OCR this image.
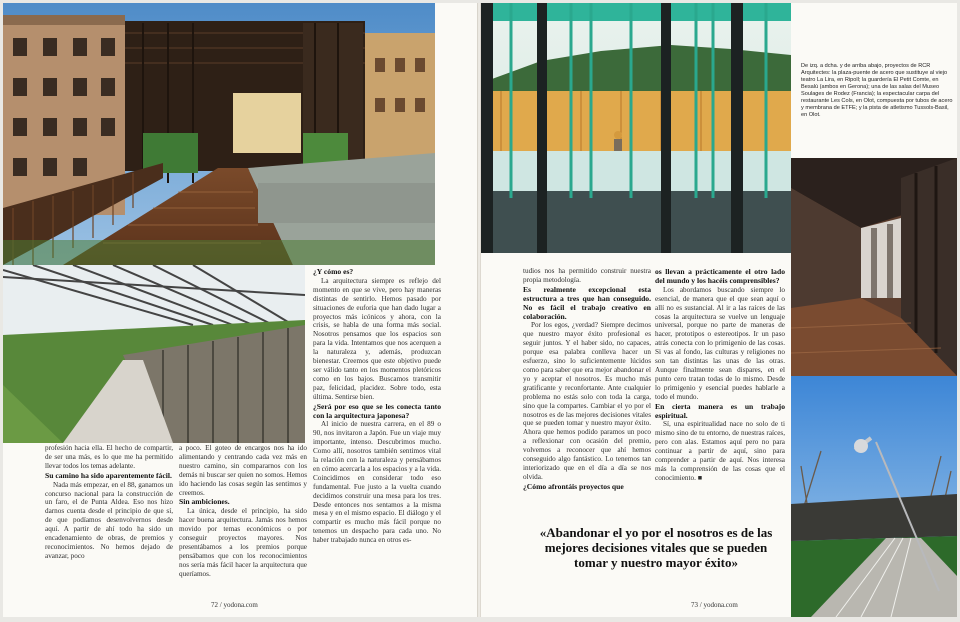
profesión hacia ella. El hecho de compartir, de ser una más, es lo que me ha permitido llevar todos los temas adelante.

Su camino ha sido aparentemente fácil.

Nada más empezar, en el 88, ganamos un concurso nacional para la construcción de un faro, el de Punta Aldea. Eso nos hizo darnos cuenta desde el principio de que sí, de que podíamos desenvolvernos desde aquí. A partir de ahí todo ha sido un encadenamiento de obras, de premios y reconocimientos. No hemos dejado de avanzar, poco

a poco. El goteo de encargos nos ha ido alimentando y centrando cada vez más en nuestro camino, sin compararnos con los demás ni buscar ser quien no somos. Hemos ido haciendo las cosas según las sentimos y creemos.

Sin ambiciones.

La única, desde el principio, ha sido hacer buena arquitectura. Jamás nos hemos movido por temas económicos o por conseguir proyectos mayores. Nos presentábamos a los premios porque pensábamos que con los reconocimientos nos sería más fácil hacer la arquitectura que queríamos.

¿Y cómo es?

La arquitectura siempre es reflejo del momento en que se vive, pero hay maneras distintas de sentirlo. Hemos pasado por situaciones de euforia que han dado lugar a proyectos más icónicos y ahora, con la crisis, se habla de una forma más social. Nosotros pensamos que los espacios son para la vida. Intentamos que nos acerquen a la naturaleza y, además, produzcan bienestar. Creemos que este objetivo puede ser válido tanto en los momentos pletóricos como en los bajos. Buscamos transmitir paz, felicidad, placidez. Sobre todo, esta última. Sentirse bien.

¿Será por eso que se les conecta tanto con la arquitectura japonesa?

Al inicio de nuestra carrera, en el 89 o 90, nos invitaron a Japón. Fue un viaje muy importante, intenso. Descubrimos mucho. Como allí, nosotros también sentimos vital la relación con la naturaleza y pensábamos en cómo acercarla a los espacios y a la vida. Coincidimos en considerar todo eso fundamental. Fue justo a la vuelta cuando decidimos construir una mesa para los tres. Desde entonces nos sentamos a la misma mesa y en el mismo espacio. El diálogo y el compartir es mucho más fácil porque no tenemos un despacho para cada uno. No haber trabajado nunca en otros es-

72 / yodona.com
De izq. a dcha. y de arriba abajo, proyectos de RCR Arquitectes: la plaza-puente de acero que sustituye al viejo teatro La Lira, en Ripoll; la guardería El Petit Comte, en Besalú (ambos en Gerona); una de las salas del Museo Soulages de Rodez (Francia); la espectacular carpa del restaurante Les Cols, en Olot, compuesta por tubos de acero y membrana de ETFE; y la pista de atletismo Tussols-Basil, en Olot.

tudios nos ha permitido construir nuestra propia metodología.

Es realmente excepcional esta estructura a tres que han conseguido. No es fácil el trabajo creativo en colaboración.

Por los egos, ¿verdad? Siempre decimos que nuestro mayor éxito profesional es seguir juntos. Y el haber sido, no capaces, porque esa palabra conlleva hacer un esfuerzo, sino lo suficientemente lúcidos como para saber que era mejor abandonar el yo y aceptar el nosotros. Es mucho más gratificante y reconfortante. Ante cualquier problema no estás solo con toda la carga, sino que la compartes. Cambiar el yo por el nosotros es de las mejores decisiones vitales que se pueden tomar y nuestro mayor éxito. Ahora que hemos podido paramos un poco a reflexionar con ocasión del premio, volvemos a reconocer que ahí hemos conseguido algo fantástico. Lo tenemos tan interiorizado que en el día a día se nos olvida.

¿Cómo afrontáis proyectos que
os llevan a prácticamente el otro lado del mundo y los hacéis comprensibles?

Los abordamos buscando siempre lo esencial, de manera que el que sean aquí o allí no es sustancial. Al ir a las raíces de las cosas la arquitectura se vuelve un lenguaje universal, porque no parte de maneras de hacer, prototipos o estereotipos. Ir un paso atrás conecta con lo primigenio de las cosas. Si vas al fondo, las culturas y religiones no son tan distintas las unas de las otras. Aunque finalmente sean dispares, en el punto cero tratan todas de lo mismo. Desde lo primigenio y esencial puedes hablarle a todo el mundo.

En cierta manera es un trabajo espiritual.

Sí, una espiritualidad nace no solo de ti mismo sino de tu entorno, de nuestras raíces, pero con alas. Estamos aquí pero no para continuar a partir de aquí, sino para comprender a partir de aquí. Nos interesa más la comprensión de las cosas que el conocimiento. ■

«Abandonar el yo por el nosotros es de las mejores decisiones vitales que se pueden tomar y nuestro mayor éxito»
73 / yodona.com
